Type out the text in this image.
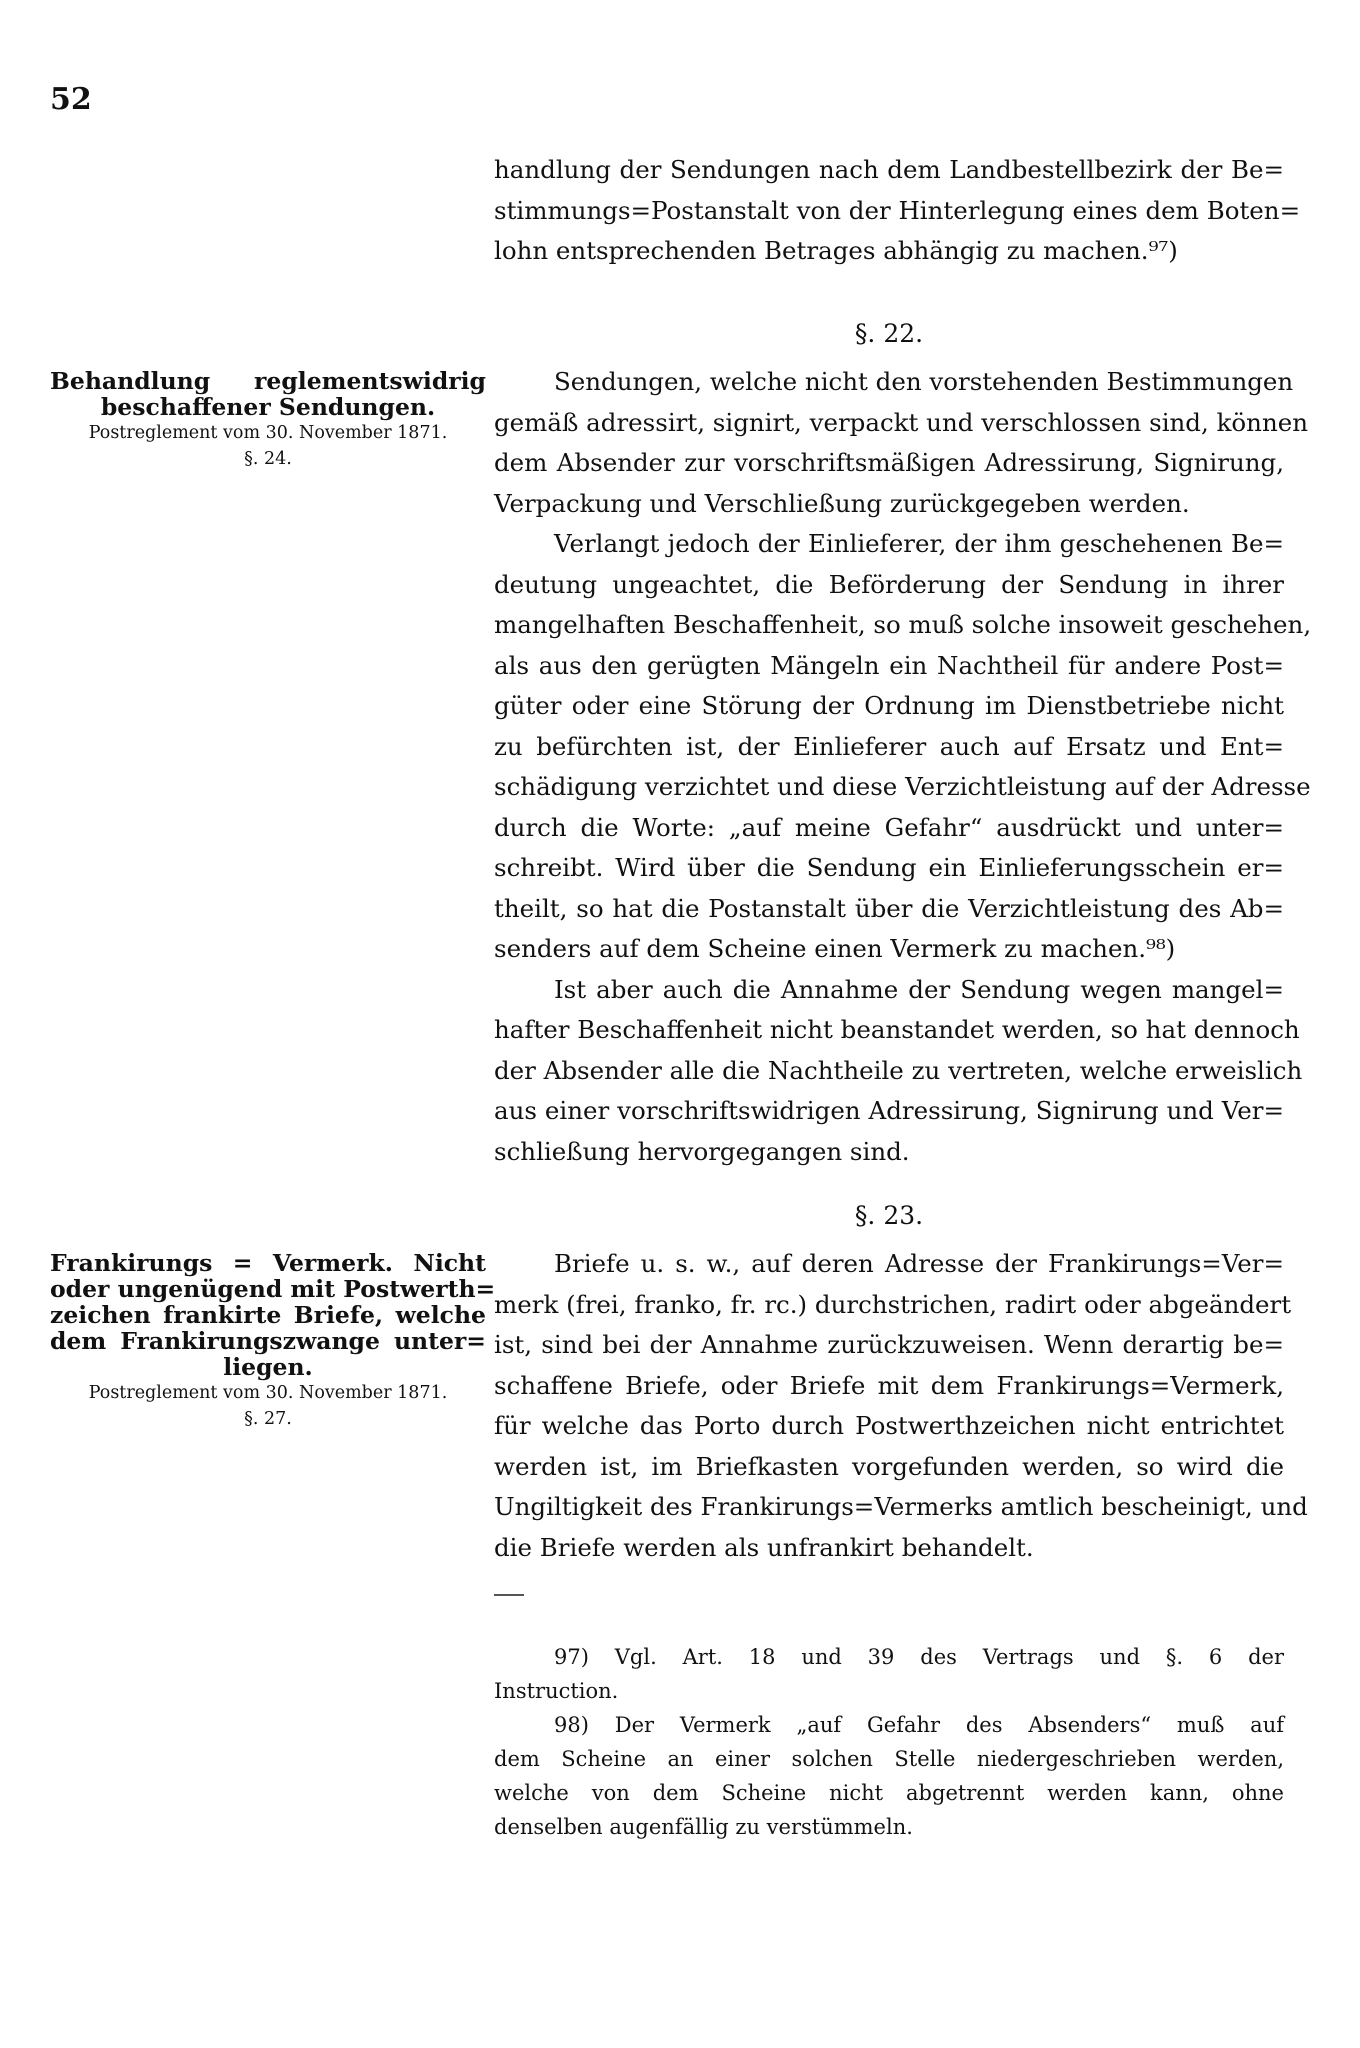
52
handlung der Sendungen nach dem Landbestellbezirk der Be=
stimmungs=Postanstalt von der Hinterlegung eines dem Boten=
lohn entsprechenden Betrages abhängig zu machen.⁹⁷)
§. 22.
Behandlung reglementswidrig
beschaffener Sendungen.
Postreglement vom 30. November 1871.
§. 24.
Sendungen, welche nicht den vorstehenden Bestimmungen
gemäß adressirt, signirt, verpackt und verschlossen sind, können
dem Absender zur vorschriftsmäßigen Adressirung, Signirung,
Verpackung und Verschließung zurückgegeben werden.
Verlangt jedoch der Einlieferer, der ihm geschehenen Be=
deutung ungeachtet, die Beförderung der Sendung in ihrer
mangelhaften Beschaffenheit, so muß solche insoweit geschehen,
als aus den gerügten Mängeln ein Nachtheil für andere Post=
güter oder eine Störung der Ordnung im Dienstbetriebe nicht
zu befürchten ist, der Einlieferer auch auf Ersatz und Ent=
schädigung verzichtet und diese Verzichtleistung auf der Adresse
durch die Worte: „auf meine Gefahr“ ausdrückt und unter=
schreibt. Wird über die Sendung ein Einlieferungsschein er=
theilt, so hat die Postanstalt über die Verzichtleistung des Ab=
senders auf dem Scheine einen Vermerk zu machen.⁹⁸)
Ist aber auch die Annahme der Sendung wegen mangel=
hafter Beschaffenheit nicht beanstandet werden, so hat dennoch
der Absender alle die Nachtheile zu vertreten, welche erweislich
aus einer vorschriftswidrigen Adressirung, Signirung und Ver=
schließung hervorgegangen sind.
§. 23.
Frankirungs = Vermerk. Nicht
oder ungenügend mit Postwerth=
zeichen frankirte Briefe, welche
dem Frankirungszwange unter=
liegen.
Postreglement vom 30. November 1871.
§. 27.
Briefe u. s. w., auf deren Adresse der Frankirungs=Ver=
merk (frei, franko, fr. rc.) durchstrichen, radirt oder abgeändert
ist, sind bei der Annahme zurückzuweisen. Wenn derartig be=
schaffene Briefe, oder Briefe mit dem Frankirungs=Vermerk,
für welche das Porto durch Postwerthzeichen nicht entrichtet
werden ist, im Briefkasten vorgefunden werden, so wird die
Ungiltigkeit des Frankirungs=Vermerks amtlich bescheinigt, und
die Briefe werden als unfrankirt behandelt.
97) Vgl. Art. 18 und 39 des Vertrags und §. 6 der
Instruction.
98) Der Vermerk „auf Gefahr des Absenders“ muß auf
dem Scheine an einer solchen Stelle niedergeschrieben werden,
welche von dem Scheine nicht abgetrennt werden kann, ohne
denselben augenfällig zu verstümmeln.
